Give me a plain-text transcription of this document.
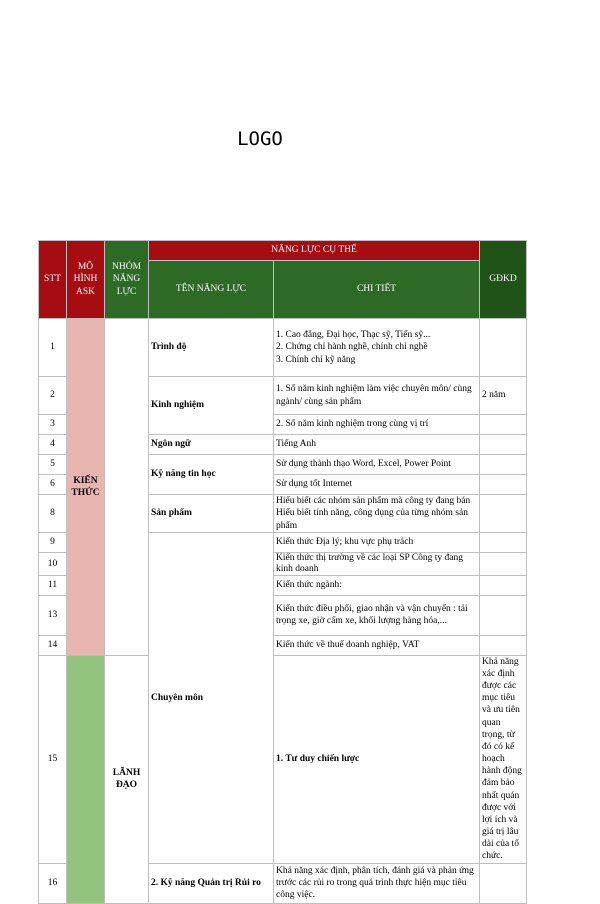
LOGO
STT	MÔ HÌNH ASK	NHÓM NĂNG LỰC	NĂNG LỰC CỤ THỂ		GĐKD	
			TÊN NĂNG LỰC	CHI TIẾT		
1	KIẾN THỨC		Trình độ	1. Cao đẳng, Đại học, Thạc sỹ, Tiến sỹ...
2. Chứng chỉ hành nghề, chính chỉ nghề
3. Chính chỉ kỹ năng		
2			Kinh nghiệm	1. Số năm kinh nghiệm làm việc chuyên môn/ cùng ngành/ cùng sản phẩm	2 năm	
3				2. Số năm kinh nghiệm trong cùng vị trí		
4			Ngôn ngữ	Tiếng Anh		
5			Kỹ năng tin học	Sử dụng thành thạo Word, Excel, Power Point		
6				Sử dụng tốt Internet		
8			Sản phẩm	Hiểu biết các nhóm sản phẩm mà công ty đang bán
Hiểu biết tính năng, công dụng của từng nhóm sản phẩm		
9			Chuyên môn	Kiến thức Địa lý; khu vực phụ trách		
10				Kiến thức thị trường về các loại SP Công ty đang kinh doanh		
11				Kiến thức ngành:		
13				Kiến thức điều phối, giao nhận và vận chuyển : tải trọng xe, giờ cấm xe, khối lượng hàng hóa,...		
14				Kiến thức về thuế doanh nghiệp, VAT		
15		LÃNH ĐẠO		1. Tư duy chiến lược	Khả năng xác định được các mục tiêu và ưu tiên quan trọng, từ đó có kế hoạch hành động đảm bảo nhất quán được với lợi ích và giá trị lâu dài của tổ chức.	
16			2. Kỹ năng Quản trị Rủi ro	Khả năng xác định, phân tích, đánh giá và phản ứng trước các rủi ro trong quá trình thực hiện mục tiêu công việc.		
